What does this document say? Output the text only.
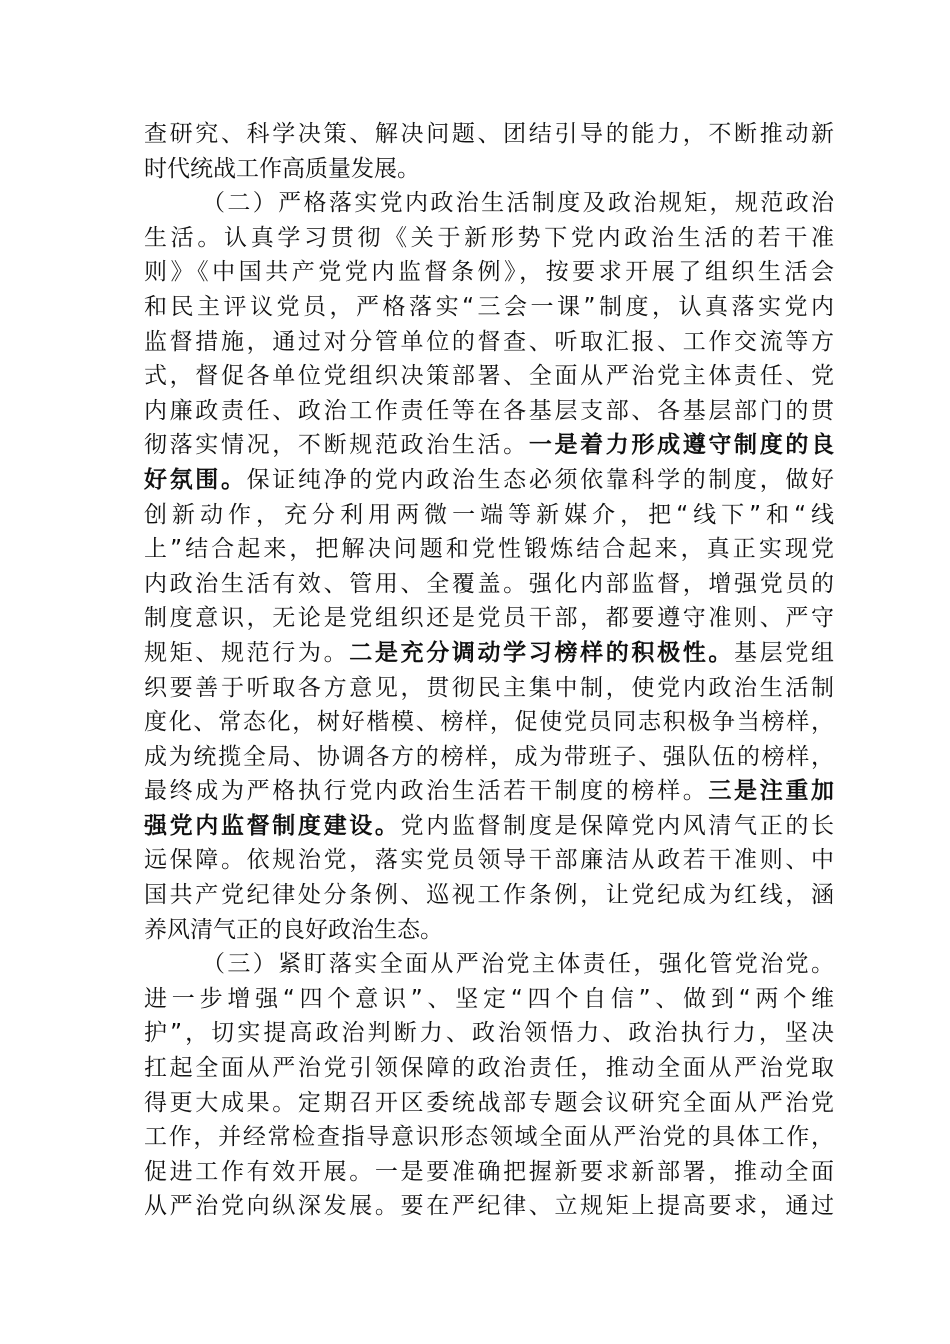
查研究、科学决策、解决问题、团结引导的能力，不断推动新
时代统战工作高质量发展。
（二）严格落实党内政治生活制度及政治规矩，规范政治
生活。认真学习贯彻《关于新形势下党内政治生活的若干准
则》《中国共产党党内监督条例》，按要求开展了组织生活会
和民主评议党员，严格落实“三会一课”制度，认真落实党内
监督措施，通过对分管单位的督查、听取汇报、工作交流等方
式，督促各单位党组织决策部署、全面从严治党主体责任、党
内廉政责任、政治工作责任等在各基层支部、各基层部门的贯
彻落实情况，不断规范政治生活。一是着力形成遵守制度的良
好氛围。保证纯净的党内政治生态必须依靠科学的制度，做好
创新动作，充分利用两微一端等新媒介，把“线下”和“线
上”结合起来，把解决问题和党性锻炼结合起来，真正实现党
内政治生活有效、管用、全覆盖。强化内部监督，增强党员的
制度意识，无论是党组织还是党员干部，都要遵守准则、严守
规矩、规范行为。二是充分调动学习榜样的积极性。基层党组
织要善于听取各方意见，贯彻民主集中制，使党内政治生活制
度化、常态化，树好楷模、榜样，促使党员同志积极争当榜样，
成为统揽全局、协调各方的榜样，成为带班子、强队伍的榜样，
最终成为严格执行党内政治生活若干制度的榜样。三是注重加
强党内监督制度建设。党内监督制度是保障党内风清气正的长
远保障。依规治党，落实党员领导干部廉洁从政若干准则、中
国共产党纪律处分条例、巡视工作条例，让党纪成为红线，涵
养风清气正的良好政治生态。
（三）紧盯落实全面从严治党主体责任，强化管党治党。
进一步增强“四个意识”、坚定“四个自信”、做到“两个维
护”，切实提高政治判断力、政治领悟力、政治执行力，坚决
扛起全面从严治党引领保障的政治责任，推动全面从严治党取
得更大成果。定期召开区委统战部专题会议研究全面从严治党
工作，并经常检查指导意识形态领域全面从严治党的具体工作，
促进工作有效开展。一是要准确把握新要求新部署，推动全面
从严治党向纵深发展。要在严纪律、立规矩上提高要求，通过
